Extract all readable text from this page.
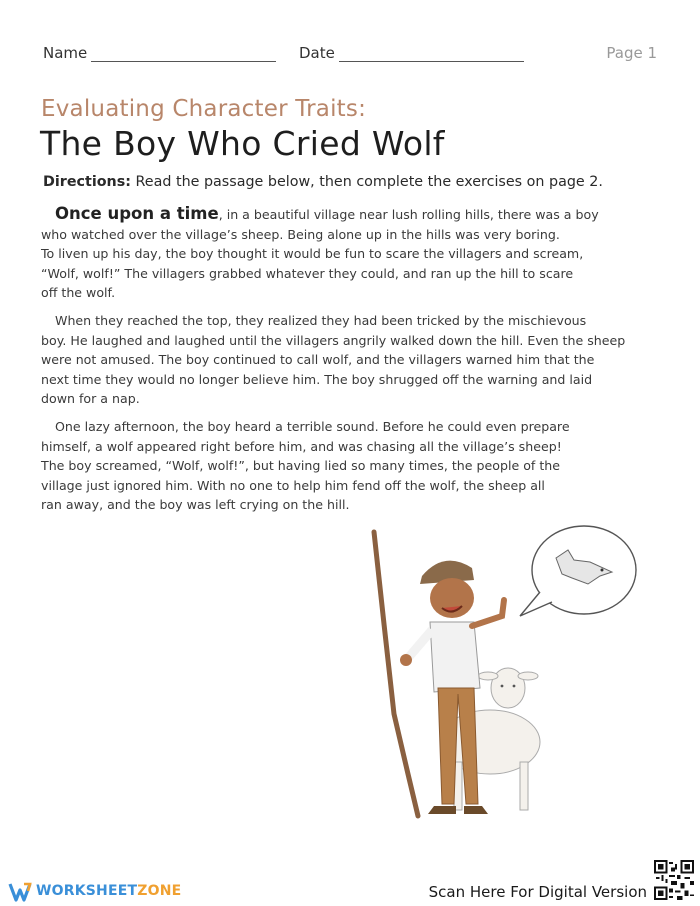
Name	Date	Page 1
Evaluating Character Traits:
The Boy Who Cried Wolf
Directions: Read the passage below, then complete the exercises on page 2.

Once upon a time, in a beautiful village near lush rolling hills, there was a boy
who watched over the village’s sheep. Being alone up in the hills was very boring.
To liven up his day, the boy thought it would be fun to scare the villagers and scream,
“Wolf, wolf!” The villagers grabbed whatever they could, and ran up the hill to scare
off the wolf.

When they reached the top, they realized they had been tricked by the mischievous
boy. He laughed and laughed until the villagers angrily walked down the hill. Even the sheep
were not amused. The boy continued to call wolf, and the villagers warned him that the
next time they would no longer believe him. The boy shrugged off the warning and laid
down for a nap.

One lazy afternoon, the boy heard a terrible sound. Before he could even prepare
himself, a wolf appeared right before him, and was chasing all the village’s sheep!
The boy screamed, “Wolf, wolf!”, but having lied so many times, the people of the
village just ignored him. With no one to help him fend off the wolf, the sheep all
ran away, and the boy was left crying on the hill.

WORKSHEETZONE	Scan Here For Digital Version
